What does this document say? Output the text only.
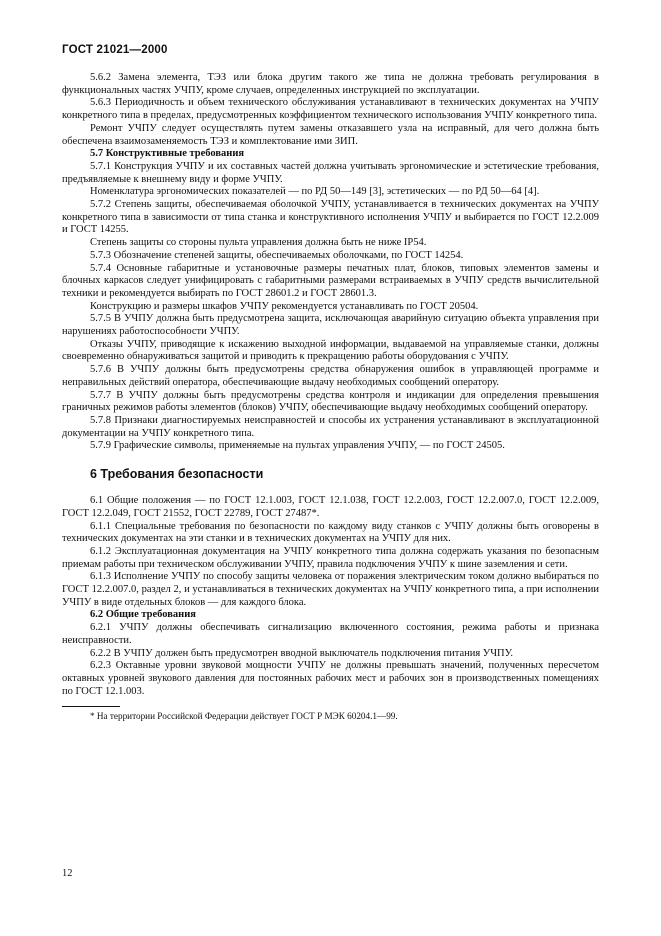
ГОСТ 21021—2000

5.6.2 Замена элемента, ТЭЗ или блока другим такого же типа не должна требовать регулирования в функциональных частях УЧПУ, кроме случаев, определенных инструкцией по эксплуатации.

5.6.3 Периодичность и объем технического обслуживания устанавливают в технических документах на УЧПУ конкретного типа в пределах, предусмотренных коэффициентом технического использования УЧПУ конкретного типа.

Ремонт УЧПУ следует осуществлять путем замены отказавшего узла на исправный, для чего должна быть обеспечена взаимозаменяемость ТЭЗ и комплектование ими ЗИП.

5.7 Конструктивные требования

5.7.1 Конструкция УЧПУ и их составных частей должна учитывать эргономические и эстетические требования, предъявляемые к внешнему виду и форме УЧПУ.

Номенклатура эргономических показателей — по РД 50—149 [3], эстетических — по РД 50—64 [4].

5.7.2 Степень защиты, обеспечиваемая оболочкой УЧПУ, устанавливается в технических документах на УЧПУ конкретного типа в зависимости от типа станка и конструктивного исполнения УЧПУ и выбирается по ГОСТ 12.2.009 и ГОСТ 14255.

Степень защиты со стороны пульта управления должна быть не ниже IP54.

5.7.3 Обозначение степеней защиты, обеспечиваемых оболочками, по ГОСТ 14254.

5.7.4 Основные габаритные и установочные размеры печатных плат, блоков, типовых элементов замены и блочных каркасов следует унифицировать с габаритными размерами встраиваемых в УЧПУ средств вычислительной техники и рекомендуется выбирать по ГОСТ 28601.2 и ГОСТ 28601.3.

Конструкцию и размеры шкафов УЧПУ рекомендуется устанавливать по ГОСТ 20504.

5.7.5 В УЧПУ должна быть предусмотрена защита, исключающая аварийную ситуацию объекта управления при нарушениях работоспособности УЧПУ.

Отказы УЧПУ, приводящие к искажению выходной информации, выдаваемой на управляемые станки, должны своевременно обнаруживаться защитой и приводить к прекращению работы оборудования с УЧПУ.

5.7.6 В УЧПУ должны быть предусмотрены средства обнаружения ошибок в управляющей программе и неправильных действий оператора, обеспечивающие выдачу необходимых сообщений оператору.

5.7.7 В УЧПУ должны быть предусмотрены средства контроля и индикации для определения превышения граничных режимов работы элементов (блоков) УЧПУ, обеспечивающие выдачу необходимых сообщений оператору.

5.7.8 Признаки диагностируемых неисправностей и способы их устранения устанавливают в эксплуатационной документации на УЧПУ конкретного типа.

5.7.9 Графические символы, применяемые на пультах управления УЧПУ, — по ГОСТ 24505.

6 Требования безопасности

6.1 Общие положения — по ГОСТ 12.1.003, ГОСТ 12.1.038, ГОСТ 12.2.003, ГОСТ 12.2.007.0, ГОСТ 12.2.009, ГОСТ 12.2.049, ГОСТ 21552, ГОСТ 22789, ГОСТ 27487*.

6.1.1 Специальные требования по безопасности по каждому виду станков с УЧПУ должны быть оговорены в технических документах на эти станки и в технических документах на УЧПУ для них.

6.1.2 Эксплуатационная документация на УЧПУ конкретного типа должна содержать указания по безопасным приемам работы при техническом обслуживании УЧПУ, правила подключения УЧПУ к шине заземления и сети.

6.1.3 Исполнение УЧПУ по способу защиты человека от поражения электрическим током должно выбираться по ГОСТ 12.2.007.0, раздел 2, и устанавливаться в технических документах на УЧПУ конкретного типа, а при исполнении УЧПУ в виде отдельных блоков — для каждого блока.

6.2 Общие требования

6.2.1 УЧПУ должны обеспечивать сигнализацию включенного состояния, режима работы и признака неисправности.

6.2.2 В УЧПУ должен быть предусмотрен вводной выключатель подключения питания УЧПУ.

6.2.3 Октавные уровни звуковой мощности УЧПУ не должны превышать значений, полученных пересчетом октавных уровней звукового давления для постоянных рабочих мест и рабочих зон в производственных помещениях по ГОСТ 12.1.003.

* На территории Российской Федерации действует ГОСТ Р МЭК 60204.1—99.

12
